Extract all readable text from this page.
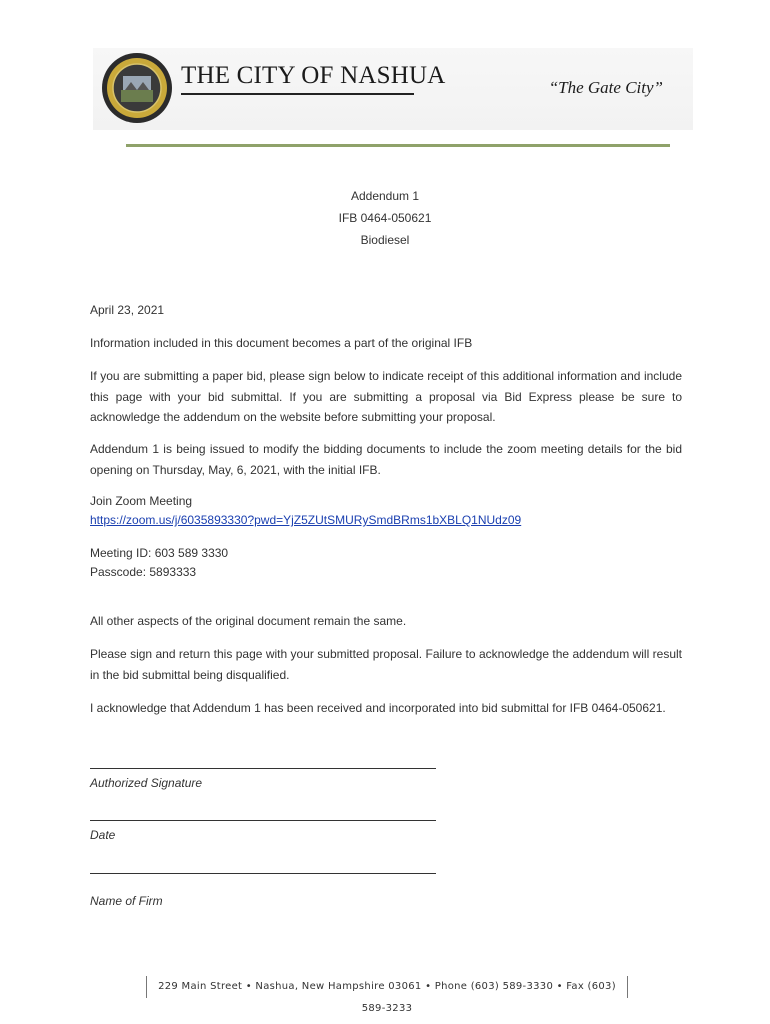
THE CITY OF NASHUA	“The Gate City”
Addendum 1
IFB 0464-050621
Biodiesel
April 23, 2021
Information included in this document becomes a part of the original IFB
If you are submitting a paper bid, please sign below to indicate receipt of this additional information and include this page with your bid submittal. If you are submitting a proposal via Bid Express please be sure to acknowledge the addendum on the website before submitting your proposal.
Addendum 1 is being issued to modify the bidding documents to include the zoom meeting details for the bid opening on Thursday, May, 6, 2021, with the initial IFB.
Join Zoom Meeting
https://zoom.us/j/6035893330?pwd=YjZ5ZUtSMURySmdBRms1bXBLQ1NUdz09
Meeting ID: 603 589 3330
Passcode: 5893333
All other aspects of the original document remain the same.
Please sign and return this page with your submitted proposal. Failure to acknowledge the addendum will result in the bid submittal being disqualified.
I acknowledge that Addendum 1 has been received and incorporated into bid submittal for IFB 0464-050621.
Authorized Signature
Date
Name of Firm
229 Main Street • Nashua, New Hampshire 03061 • Phone (603) 589-3330 • Fax (603) 589-3233
